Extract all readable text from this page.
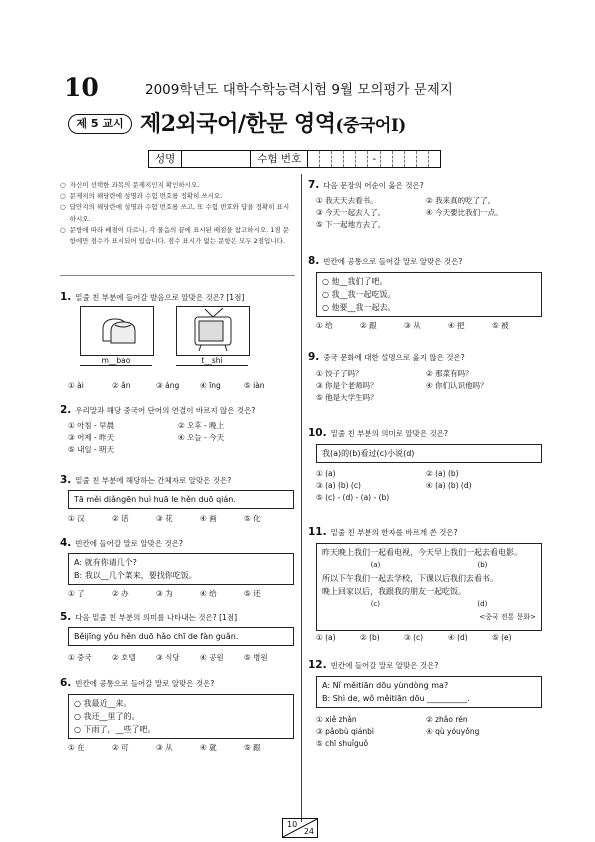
10	2009학년도 대학수학능력시험 9월 모의평가 문제지
제 5 교시 제2외국어/한문 영역(중국어Ⅰ)
성명	수험 번호	-
○ 자신이 선택한 과목의 문제지인지 확인하시오.
○ 문제지의 해당란에 성명과 수험 번호를 정확히 쓰시오.
○ 답안지의 해당란에 성명과 수험 번호를 쓰고, 또 수험 번호와 답을 정확히 표시하시오.
○ 문항에 따라 배점이 다르니, 각 물음의 끝에 표시된 배점을 참고하시오. 1점 문항에만 점수가 표시되어 있습니다. 점수 표시가 없는 문항은 모두 2점입니다.
1. 밑줄 친 부분에 들어갈 발음으로 알맞은 것은? [1점]
m__bao	t__shì
① ài	② ǎn	③ áng	④ īng	⑤ iàn
2. 우리말과 해당 중국어 단어의 연결이 바르지 않은 것은?
① 아침 - 早晨	② 오후 - 晚上
③ 어제 - 昨天	④ 오늘 - 今天
⑤ 내일 - 明天
3. 밑줄 친 부분에 해당하는 간체자로 알맞은 것은?
Tā měi diǎngēn huì huā le hěn duō qián.
① 汉	② 话	③ 花	④ 画	⑤ 化
4. 빈칸에 들어갈 말로 알맞은 것은?
A: 就有你请几个?
B: 我以__几个菜来，要找你吃饭。
① 了	② 办	③ 为	④ 给	⑤ 还
5. 다음 밑줄 친 부분의 의미를 나타내는 것은? [1점]
Běijīng yǒu hěn duō hǎo chī de fàn guǎn.
① 중국	② 호텔	③ 식당	④ 공원	⑤ 병원
6. 빈칸에 공통으로 들어갈 말로 알맞은 것은?
○ 我最近__来。
○ 我还__里了的。
○ 下雨了，__些了吧。
① 在	② 可	③ 从	④ 就	⑤ 跟
7. 다음 문장의 어순이 옳은 것은?
① 我天天去看书。	② 我来真的吃了了。
③ 今天一起去人了。	④ 今天要比我们一点。
⑤ 下一起地方去了。
8. 빈칸에 공통으로 들어갈 말로 알맞은 것은?
○ 他__我们了吧。
○ 我__我一起吃饭。
○ 他要__我一起去。
① 给	② 跟	③ 从	④ 把	⑤ 被
9. 중국 문화에 대한 설명으로 옳지 않은 것은?
① 饺子了吗？	② 那菜有吗？
③ 你是个老师吗？	④ 你们认识他吗？
⑤ 他是大学生吗？
10. 밑줄 친 부분의 의미로 알맞은 것은?
我(a)的(b)看过(c)小说(d)
① (a)	② (a) (b)
③ (a) (b) (c)	④ (a) (b) (d)
⑤ (c) - (d) - (a) - (b)
11. 밑줄 친 부분의 한자를 바르게 쓴 것은?
昨天晚上我们一起看电视，今天早上我们一起去看电影。
(a)	(b)
所以下午我们一起去学校，下课以后我们去看书。
晚上回家以后，我跟我的朋友一起吃饭。
(c)	(d)
<중국 전통 문화>
① (a)	② (b)	③ (c)	④ (d)	⑤ (e)
12. 빈칸에 들어갈 말로 알맞은 것은?
A: Nǐ měitiān dōu yùndòng ma?
B: Shì de, wǒ měitiān dōu __________.
① xiě zhǎn	② zhǎo rén
③ pǎobù qiánbì	④ qù yóuyǒng
⑤ chī shuǐguǒ
10
24
